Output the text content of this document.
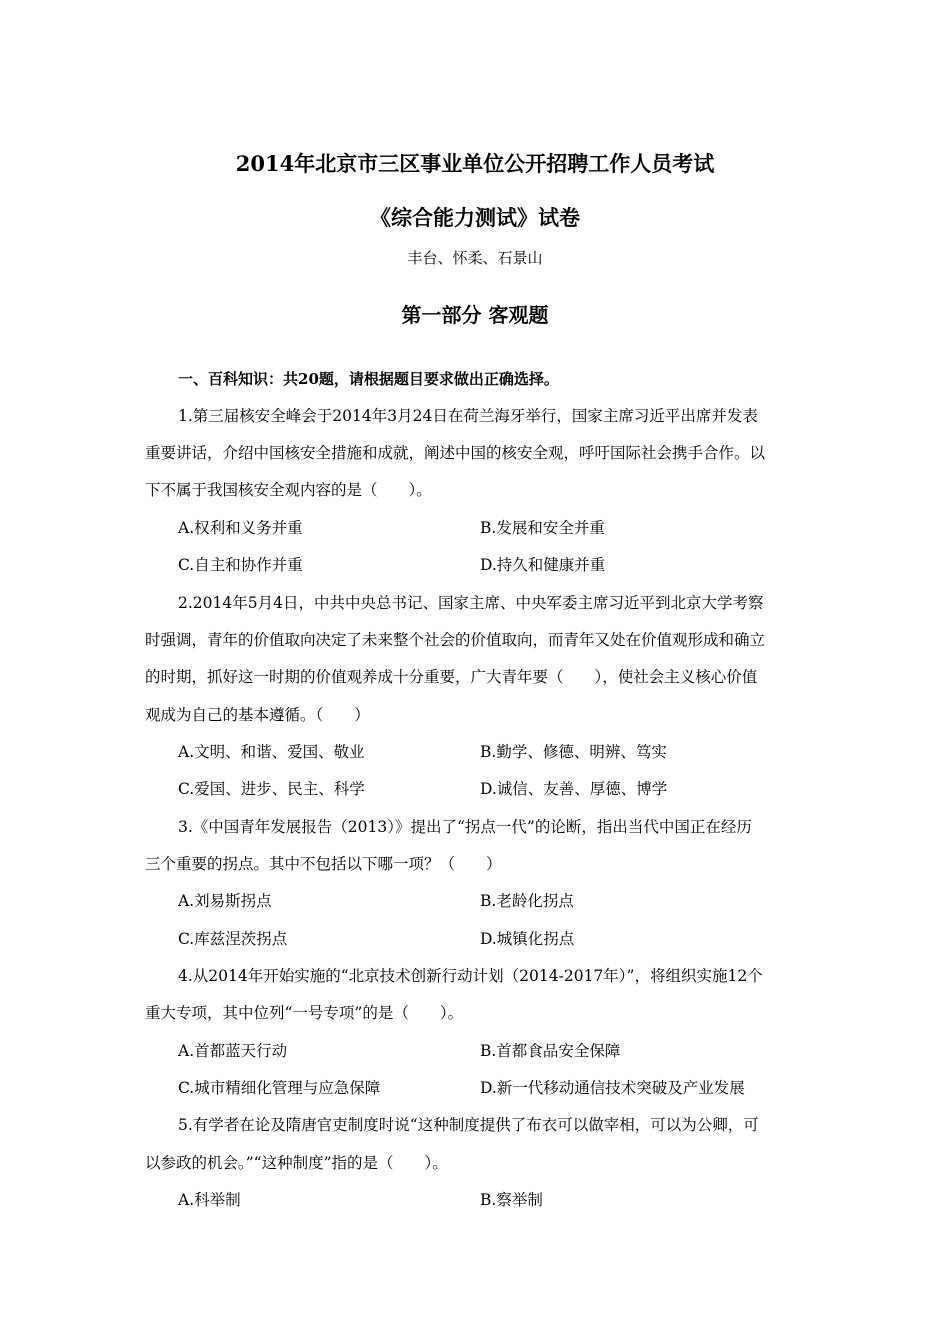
2014年北京市三区事业单位公开招聘工作人员考试
《综合能力测试》试卷
丰台、怀柔、石景山
第一部分 客观题
一、百科知识：共20题，请根据题目要求做出正确选择。
1.第三届核安全峰会于2014年3月24日在荷兰海牙举行，国家主席习近平出席并发表
重要讲话，介绍中国核安全措施和成就，阐述中国的核安全观，呼吁国际社会携手合作。以
下不属于我国核安全观内容的是（　　）。
A.权利和义务并重	B.发展和安全并重
C.自主和协作并重	D.持久和健康并重
2.2014年5月4日，中共中央总书记、国家主席、中央军委主席习近平到北京大学考察
时强调，青年的价值取向决定了未来整个社会的价值取向，而青年又处在价值观形成和确立
的时期，抓好这一时期的价值观养成十分重要，广大青年要（　　），使社会主义核心价值
观成为自己的基本遵循。（　　）
A.文明、和谐、爱国、敬业	B.勤学、修德、明辨、笃实
C.爱国、进步、民主、科学	D.诚信、友善、厚德、博学
3.《中国青年发展报告（2013）》提出了“拐点一代”的论断，指出当代中国正在经历
三个重要的拐点。其中不包括以下哪一项？（　　）
A.刘易斯拐点	B.老龄化拐点
C.库兹涅茨拐点	D.城镇化拐点
4.从2014年开始实施的“北京技术创新行动计划（2014-2017年）”，将组织实施12个
重大专项，其中位列“一号专项”的是（　　）。
A.首都蓝天行动	B.首都食品安全保障
C.城市精细化管理与应急保障	D.新一代移动通信技术突破及产业发展
5.有学者在论及隋唐官吏制度时说“这种制度提供了布衣可以做宰相，可以为公卿，可
以参政的机会。”“这种制度”指的是（　　）。
A.科举制	B.察举制
